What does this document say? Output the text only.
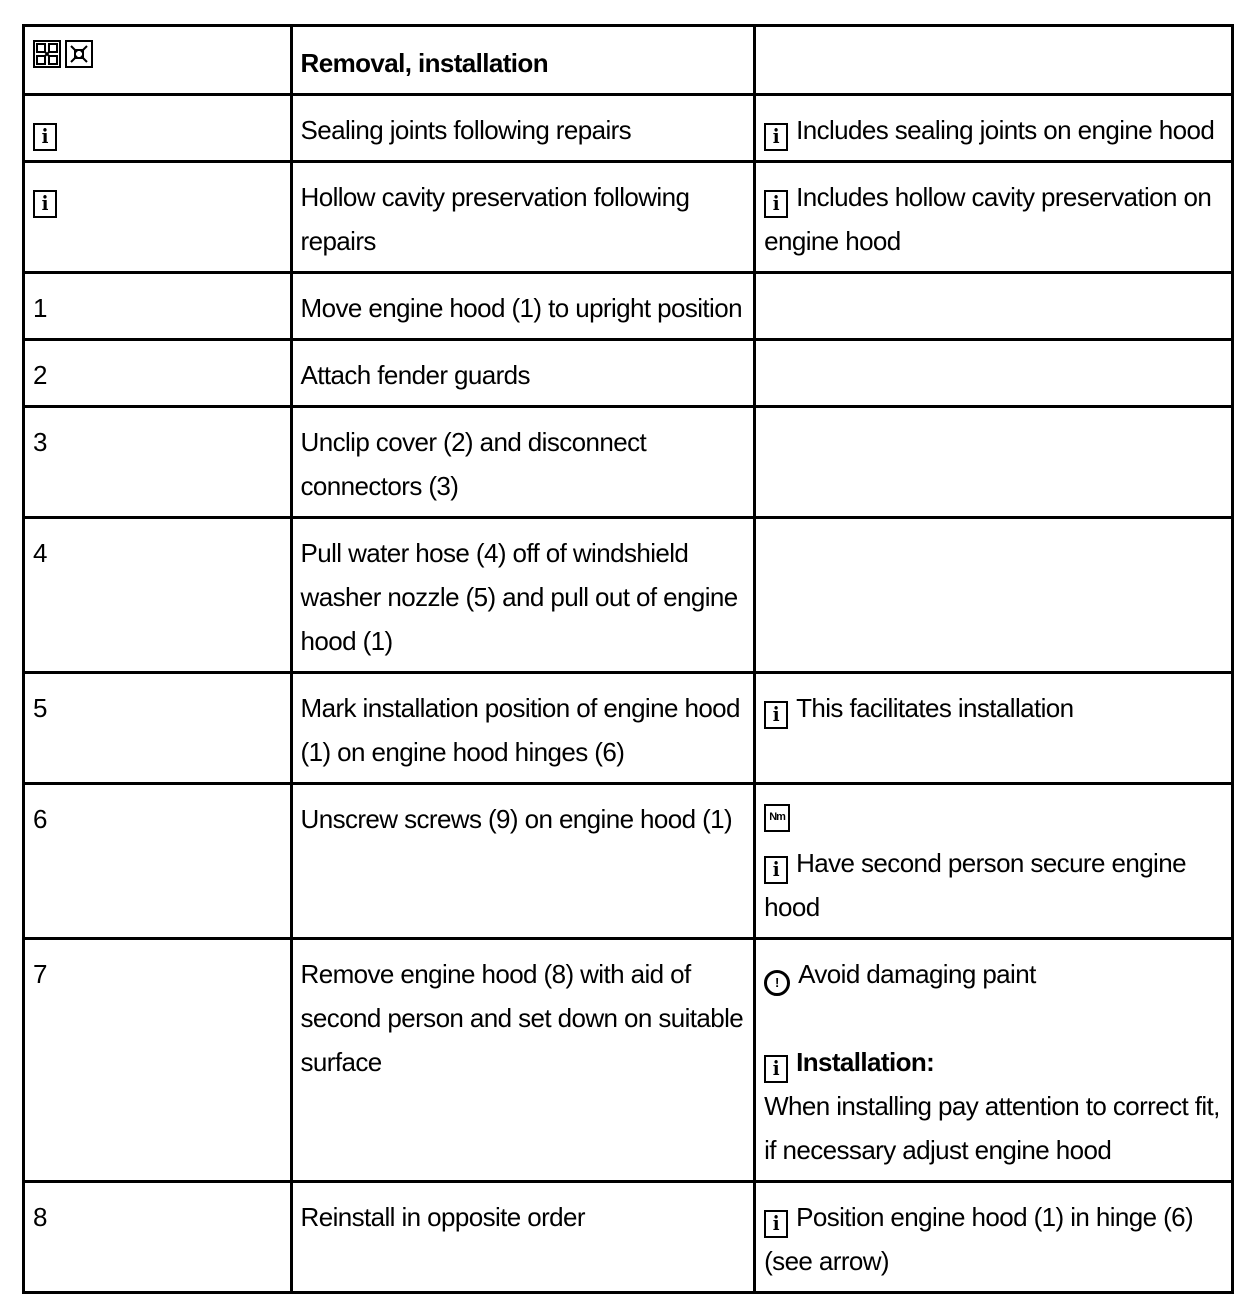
	Removal, installation	
i	Sealing joints following repairs	i Includes sealing joints on engine hood
i	Hollow cavity preservation following repairs	i Includes hollow cavity preservation on engine hood
1	Move engine hood (1) to upright position	
2	Attach fender guards	
3	Unclip cover (2) and disconnect connectors (3)	
4	Pull water hose (4) off of windshield washer nozzle (5) and pull out of engine hood (1)	
5	Mark installation position of engine hood (1) on engine hood hinges (6)	i This facilitates installation
6	Unscrew screws (9) on engine hood (1)	Nm
i Have second person secure engine hood
7	Remove engine hood (8) with aid of second person and set down on suitable surface	! Avoid damaging paint
i Installation:
When installing pay attention to correct fit, if necessary adjust engine hood

8	Reinstall in opposite order	i Position engine hood (1) in hinge (6) (see arrow)
